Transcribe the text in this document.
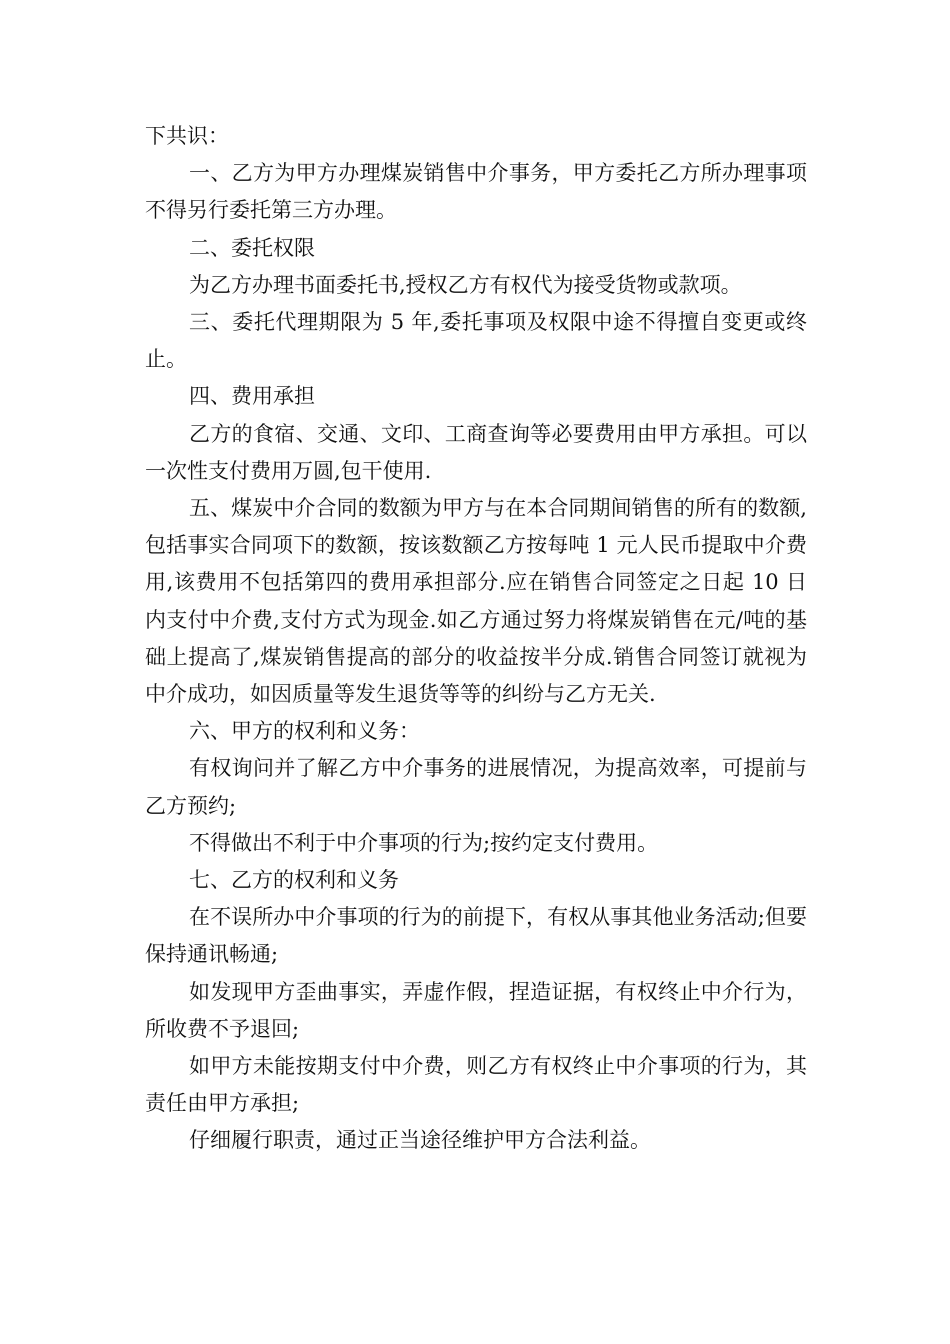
下共识：

一、乙方为甲方办理煤炭销售中介事务，甲方委托乙方所办理事项不得另行委托第三方办理。

二、委托权限

为乙方办理书面委托书,授权乙方有权代为接受货物或款项。

三、委托代理期限为 5 年,委托事项及权限中途不得擅自变更或终止。

四、费用承担

乙方的食宿、交通、文印、工商查询等必要费用由甲方承担。可以一次性支付费用万圆,包干使用.

五、煤炭中介合同的数额为甲方与在本合同期间销售的所有的数额,包括事实合同项下的数额，按该数额乙方按每吨 1 元人民币提取中介费用,该费用不包括第四的费用承担部分.应在销售合同签定之日起 10 日内支付中介费,支付方式为现金.如乙方通过努力将煤炭销售在元/吨的基础上提高了,煤炭销售提高的部分的收益按半分成.销售合同签订就视为中介成功，如因质量等发生退货等等的纠纷与乙方无关.

六、甲方的权利和义务：

有权询问并了解乙方中介事务的进展情况，为提高效率，可提前与乙方预约;

不得做出不利于中介事项的行为;按约定支付费用。

七、乙方的权利和义务

在不误所办中介事项的行为的前提下，有权从事其他业务活动;但要保持通讯畅通;

如发现甲方歪曲事实，弄虚作假，捏造证据，有权终止中介行为，所收费不予退回;

如甲方未能按期支付中介费，则乙方有权终止中介事项的行为，其责任由甲方承担;

仔细履行职责，通过正当途径维护甲方合法利益。
